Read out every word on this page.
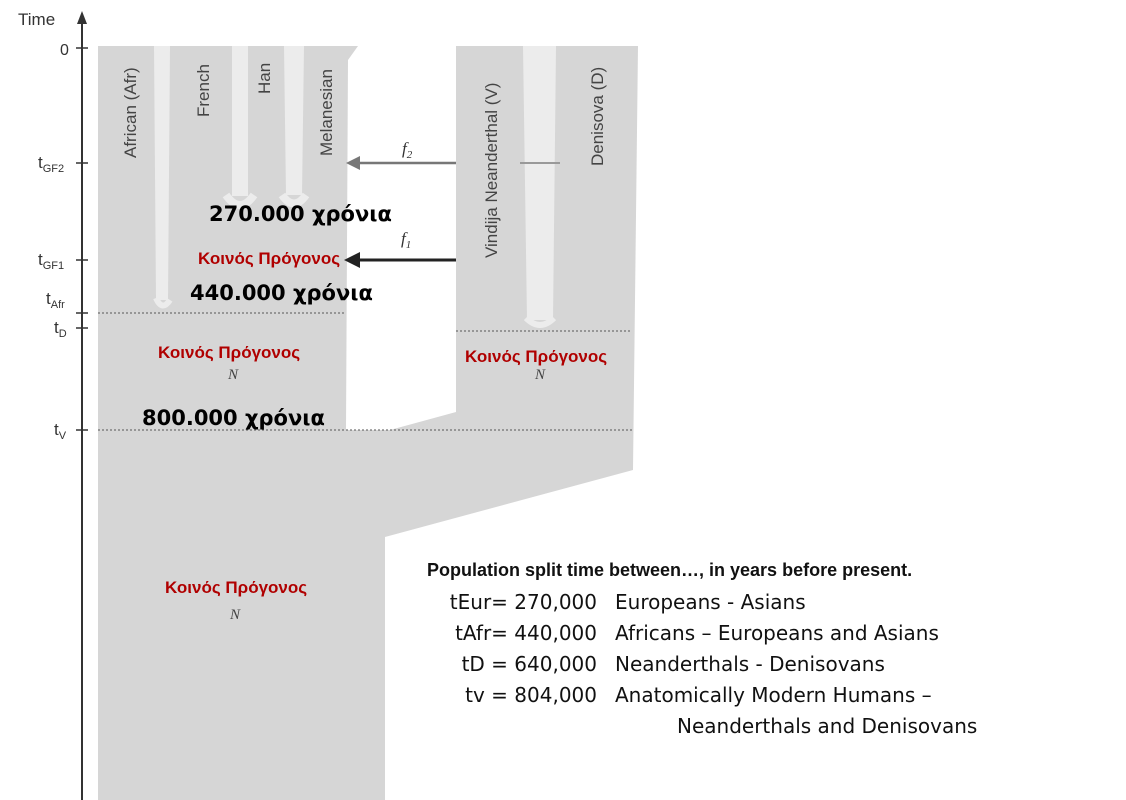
$f_2$
$f_1$
Time
0
$t_{GF2}$
$t_{GF1}$
$t_{Afr}$
$t_D$
$t_V$
African (Afr)	French Han	Melanesian	Vindija Neanderthal (V)	Denisova (D)
270.000 χρόνια
440.000 χρόνια
800.000 χρόνια
Κοινός Πρόγονος
Κοινός Πρόγονος	Κοινός Πρόγονος
Κοινός Πρόγονος
N	N
N
Population split time between…, in years before present.
tEur= 270,000 Europeans - Asians
tAfr= 440,000 Africans – Europeans and Asians
tD = 640,000 Neanderthals - Denisovans
tv = 804,000 Anatomically Modern Humans –
Neanderthals and Denisovans
